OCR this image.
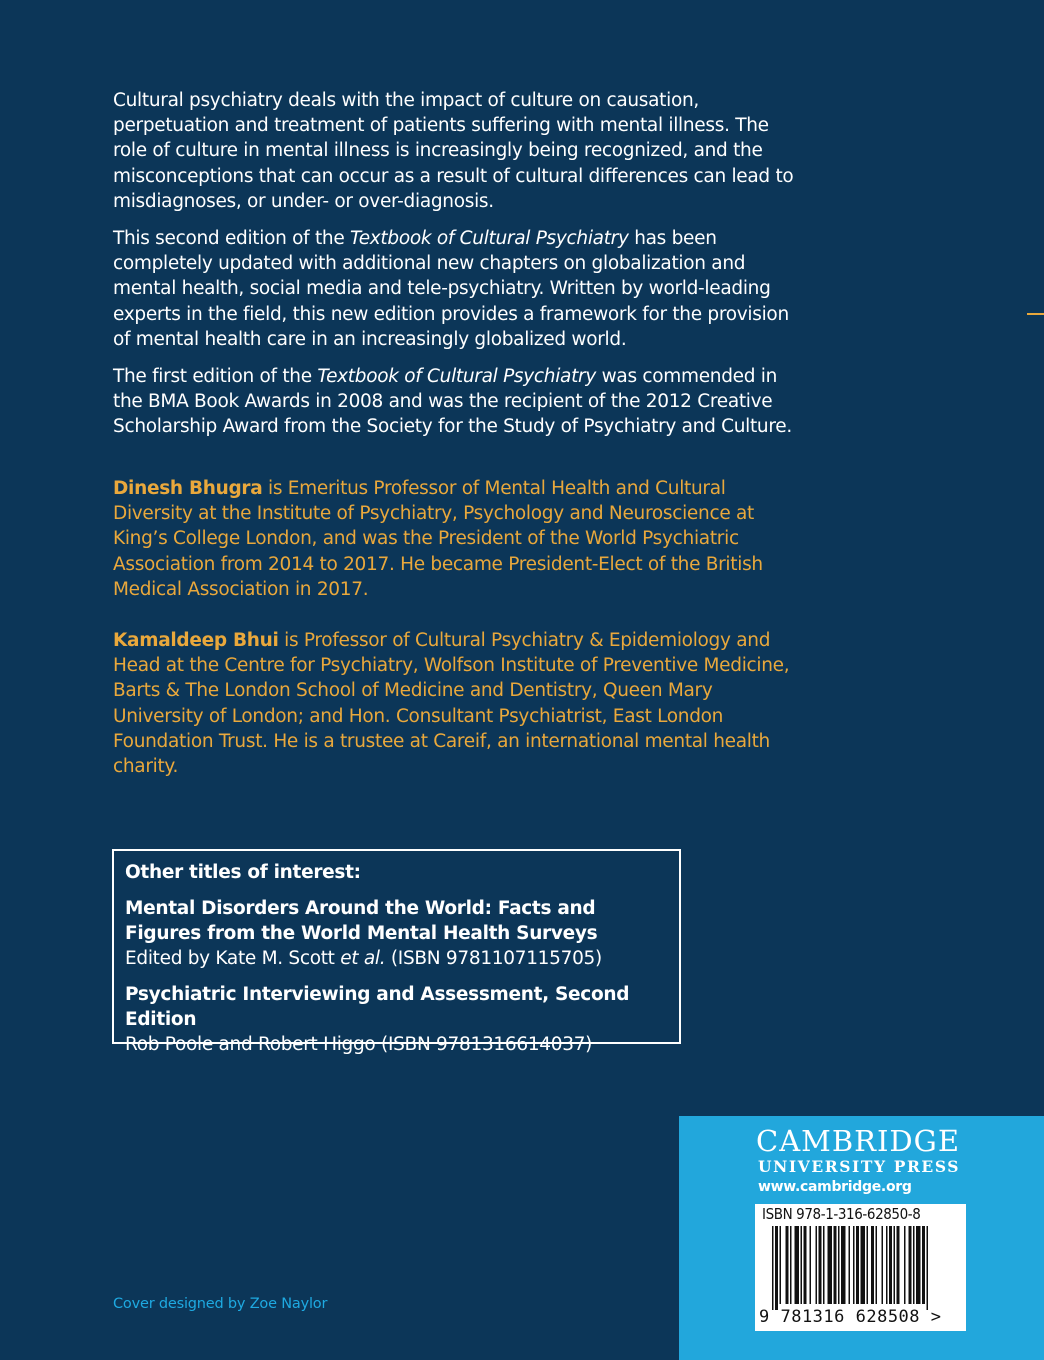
Cultural psychiatry deals with the impact of culture on causation, perpetuation and treatment of patients suffering with mental illness. The role of culture in mental illness is increasingly being recognized, and the misconceptions that can occur as a result of cultural differences can lead to misdiagnoses, or under- or over-diagnosis.

This second edition of the Textbook of Cultural Psychiatry has been completely updated with additional new chapters on globalization and mental health, social media and tele-psychiatry. Written by world-leading experts in the field, this new edition provides a framework for the provision of mental health care in an increasingly globalized world.

The first edition of the Textbook of Cultural Psychiatry was commended in the BMA Book Awards in 2008 and was the recipient of the 2012 Creative Scholarship Award from the Society for the Study of Psychiatry and Culture.

Dinesh Bhugra is Emeritus Professor of Mental Health and Cultural Diversity at the Institute of Psychiatry, Psychology and Neuroscience at King’s College London, and was the President of the World Psychiatric Association from 2014 to 2017. He became President-Elect of the British Medical Association in 2017.
Kamaldeep Bhui is Professor of Cultural Psychiatry & Epidemiology and Head at the Centre for Psychiatry, Wolfson Institute of Preventive Medicine, Barts & The London School of Medicine and Dentistry, Queen Mary University of London; and Hon. Consultant Psychiatrist, East London Foundation Trust. He is a trustee at Careif, an international mental health charity.
Other titles of interest:
Mental Disorders Around the World: Facts and Figures from the World Mental Health Surveys
Edited by Kate M. Scott et al. (ISBN 9781107115705)
Psychiatric Interviewing and Assessment, Second Edition
Rob Poole and Robert Higgo (ISBN 9781316614037)
Cover designed by Zoe Naylor
CAMBRIDGE
UNIVERSITY PRESS
www.cambridge.org
ISBN 978-1-316-62850-8
9 781316 628508 >
